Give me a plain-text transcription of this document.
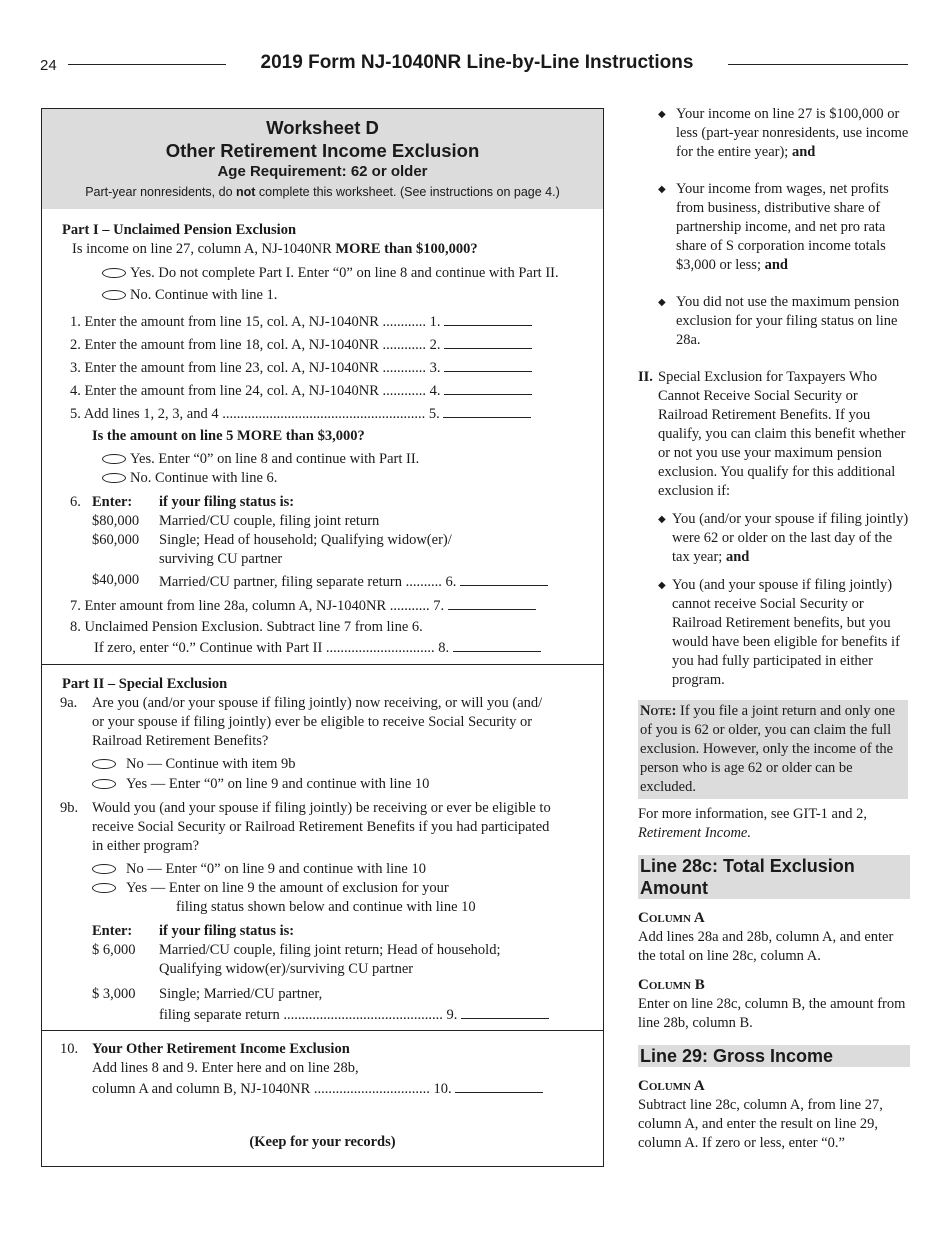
24	2019 Form NJ-1040NR Line-by-Line Instructions
Worksheet D
Other Retirement Income Exclusion
Age Requirement: 62 or older
Part-year nonresidents, do not complete this worksheet. (See instructions on page 4.)
Part I – Unclaimed Pension Exclusion
Is income on line 27, column A, NJ-1040NR MORE than $100,000?
Yes. Do not complete Part I. Enter “0” on line 8 and continue with Part II.
No. Continue with line 1.
1. Enter the amount from line 15, col. A, NJ-1040NR ............ 1.
2. Enter the amount from line 18, col. A, NJ-1040NR ............ 2.
3. Enter the amount from line 23, col. A, NJ-1040NR ............ 3.
4. Enter the amount from line 24, col. A, NJ-1040NR ............ 4.
5. Add lines 1, 2, 3, and 4 ........................................................ 5.
Is the amount on line 5 MORE than $3,000?
Yes. Enter “0” on line 8 and continue with Part II.
No. Continue with line 6.
6. Enter: if your filing status is:
$80,000 Married/CU couple, filing joint return
$60,000 Single; Head of household; Qualifying widow(er)/
surviving CU partner
$40,000 Married/CU partner, filing separate return .......... 6.
7. Enter amount from line 28a, column A, NJ-1040NR ........... 7.
8. Unclaimed Pension Exclusion. Subtract line 7 from line 6.
If zero, enter “0.” Continue with Part II .............................. 8.
Part II – Special Exclusion
9a. Are you (and/or your spouse if filing jointly) now receiving, or will you (and/
or your spouse if filing jointly) ever be eligible to receive Social Security or
Railroad Retirement Benefits?
No — Continue with item 9b
Yes — Enter “0” on line 9 and continue with line 10
9b. Would you (and your spouse if filing jointly) be receiving or ever be eligible to
receive Social Security or Railroad Retirement Benefits if you had participated
in either program?
No — Enter “0” on line 9 and continue with line 10
Yes — Enter on line 9 the amount of exclusion for your
filing status shown below and continue with line 10
Enter: if your filing status is:
$ 6,000 Married/CU couple, filing joint return; Head of household;
Qualifying widow(er)/surviving CU partner
$ 3,000 Single; Married/CU partner,
filing separate return ............................................ 9.
10. Your Other Retirement Income Exclusion
Add lines 8 and 9. Enter here and on line 28b,
column A and column B, NJ-1040NR ................................ 10.
(Keep for your records)
◆ Your income on line 27 is $100,000 or less (part-year nonresidents, use income for the entire year); and
◆ Your income from wages, net profits from business, distributive share of partnership income, and net pro rata share of S corporation income totals $3,000 or less; and
◆ You did not use the maximum pension exclusion for your filing status on line 28a.
II. Special Exclusion for Taxpayers Who Cannot Receive Social Security or Railroad Retirement Benefits. If you qualify, you can claim this benefit whether or not you use your maximum pension exclusion. You qualify for this additional exclusion if:
◆ You (and/or your spouse if filing jointly) were 62 or older on the last day of the tax year; and
◆ You (and your spouse if filing jointly) cannot receive Social Security or Railroad Retirement benefits, but you would have been eligible for benefits if you had fully participated in either program.
Note: If you file a joint return and only one of you is 62 or older, you can claim the full exclusion. However, only the income of the person who is age 62 or older can be excluded.

For more information, see GIT-1 and 2, Retirement Income.

Line 28c: Total Exclusion Amount
Column A

Add lines 28a and 28b, column A, and enter the total on line 28c, column A.

Column B

Enter on line 28c, column B, the amount from line 28b, column B.

Line 29: Gross Income
Column A

Subtract line 28c, column A, from line 27, column A, and enter the result on line 29, column A. If zero or less, enter “0.”
